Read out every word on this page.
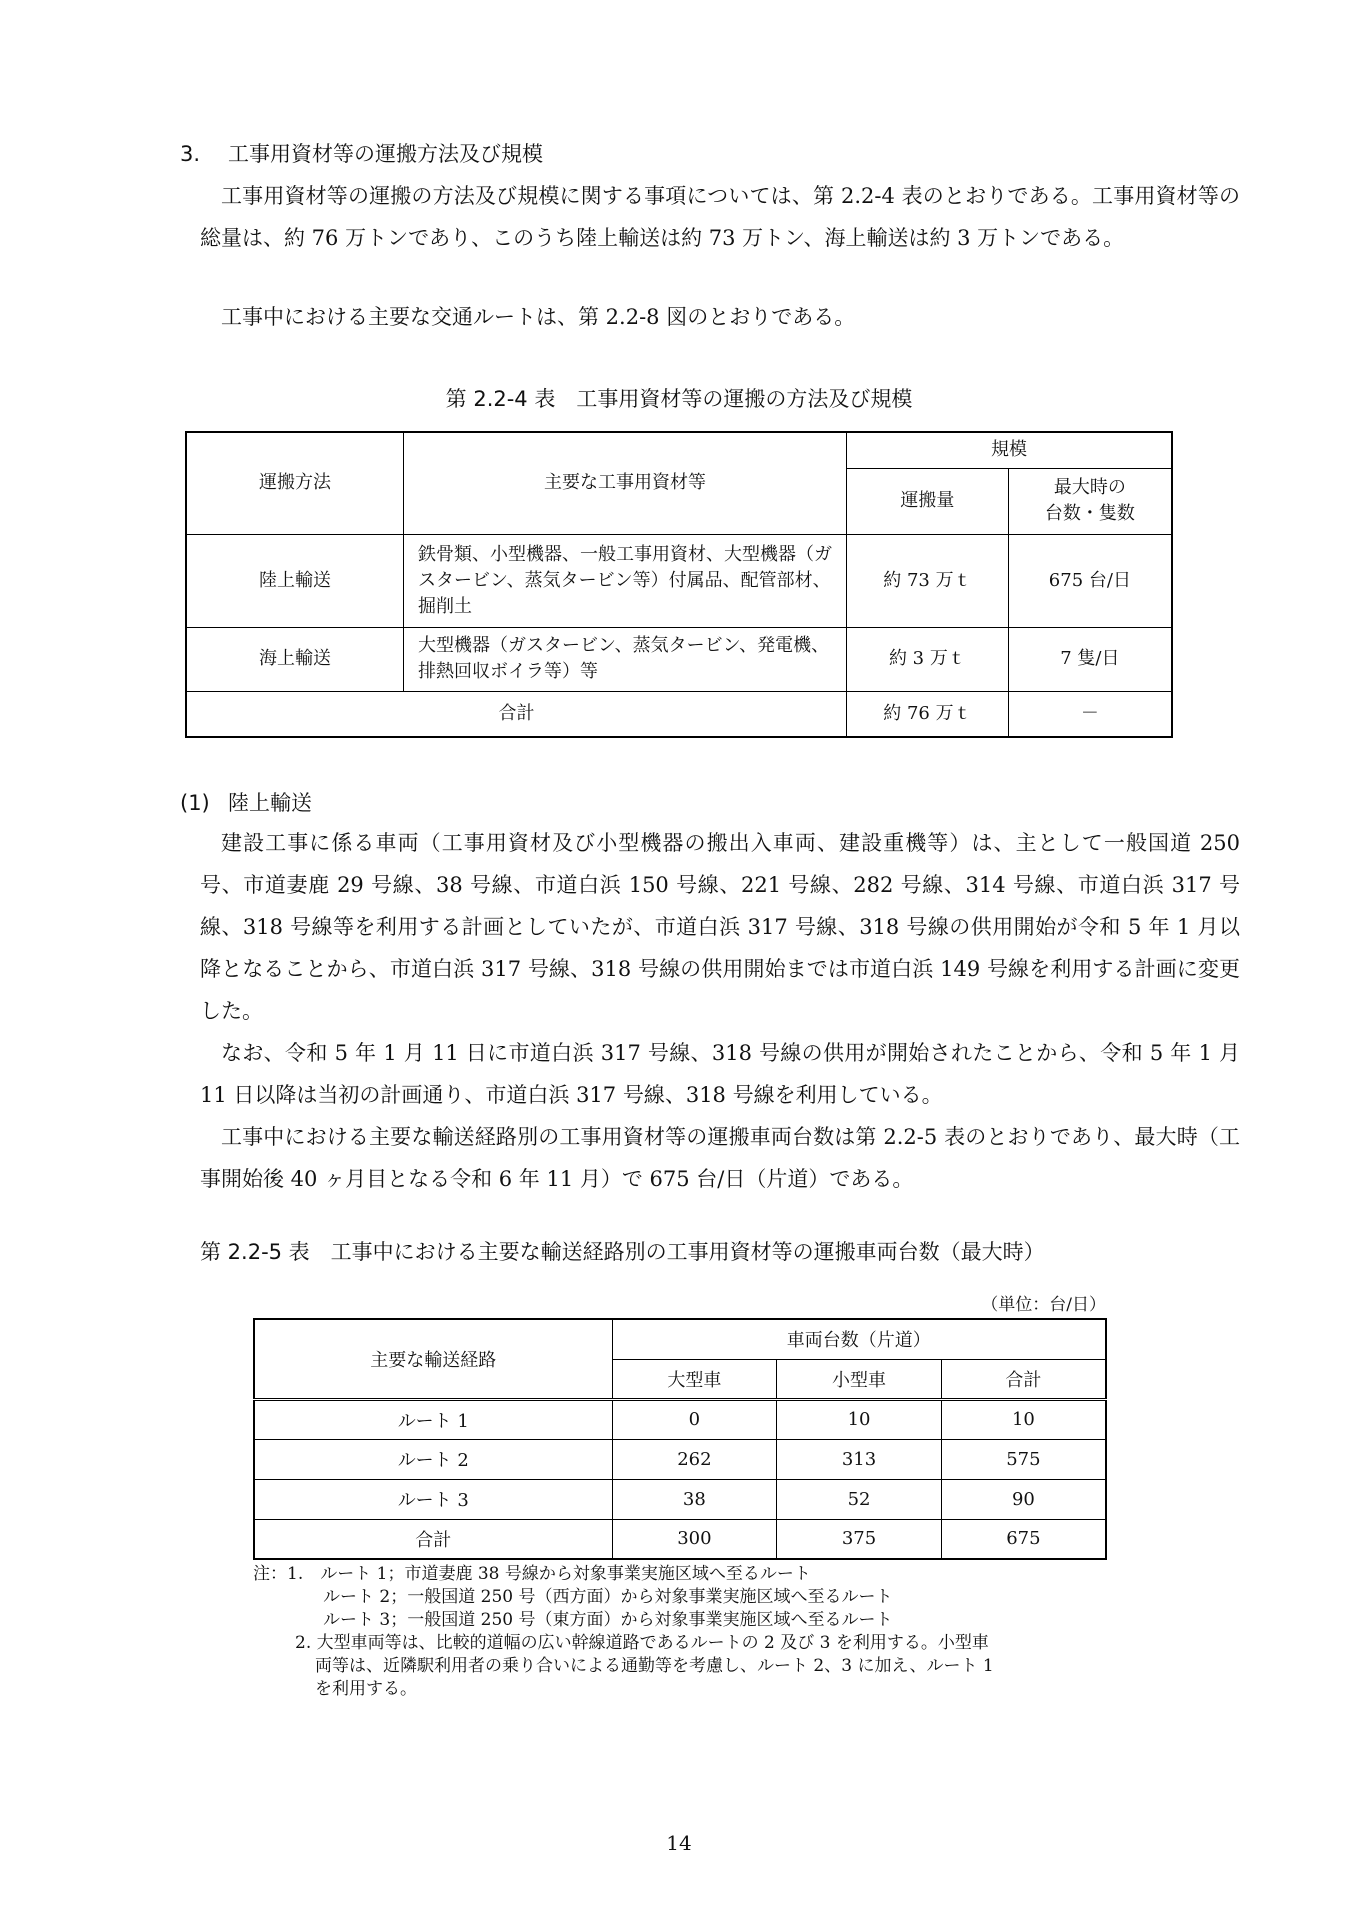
3. 工事用資材等の運搬方法及び規模

工事用資材等の運搬の方法及び規模に関する事項については、第 2.2-4 表のとおりである。工事用資材等の総量は、約 76 万トンであり、このうち陸上輸送は約 73 万トン、海上輸送は約 3 万トンである。

工事中における主要な交通ルートは、第 2.2-8 図のとおりである。

第 2.2-4 表　工事用資材等の運搬の方法及び規模
運搬方法	主要な工事用資材等	規模	
		運搬量	最大時の
台数・隻数
陸上輸送	鉄骨類、小型機器、一般工事用資材、大型機器（ガスタービン、蒸気タービン等）付属品、配管部材、掘削土	約 73 万ｔ	675 台/日
海上輸送	大型機器（ガスタービン、蒸気タービン、発電機、排熱回収ボイラ等）等	約 3 万ｔ	7 隻/日
合計		約 76 万ｔ	－
(1) 陸上輸送

建設工事に係る車両（工事用資材及び小型機器の搬出入車両、建設重機等）は、主として一般国道 250 号、市道妻鹿 29 号線、38 号線、市道白浜 150 号線、221 号線、282 号線、314 号線、市道白浜 317 号線、318 号線等を利用する計画としていたが、市道白浜 317 号線、318 号線の供用開始が令和 5 年 1 月以降となることから、市道白浜 317 号線、318 号線の供用開始までは市道白浜 149 号線を利用する計画に変更した。

なお、令和 5 年 1 月 11 日に市道白浜 317 号線、318 号線の供用が開始されたことから、令和 5 年 1 月 11 日以降は当初の計画通り、市道白浜 317 号線、318 号線を利用している。

工事中における主要な輸送経路別の工事用資材等の運搬車両台数は第 2.2-5 表のとおりであり、最大時（工事開始後 40 ヶ月目となる令和 6 年 11 月）で 675 台/日（片道）である。

第 2.2-5 表　工事中における主要な輸送経路別の工事用資材等の運搬車両台数（最大時）
（単位：台/日）
主要な輸送経路	車両台数（片道）		
	大型車	小型車	合計
ルート 1	0	10	10
ルート 2	262	313	575
ルート 3	38	52	90
合計	300	375	675
注：1.　ルート 1；市道妻鹿 38 号線から対象事業実施区域へ至るルート
ルート 2；一般国道 250 号（西方面）から対象事業実施区域へ至るルート
ルート 3；一般国道 250 号（東方面）から対象事業実施区域へ至るルート
2. 大型車両等は、比較的道幅の広い幹線道路であるルートの 2 及び 3 を利用する。小型車
両等は、近隣駅利用者の乗り合いによる通勤等を考慮し、ルート 2、3 に加え、ルート 1
を利用する。
14
